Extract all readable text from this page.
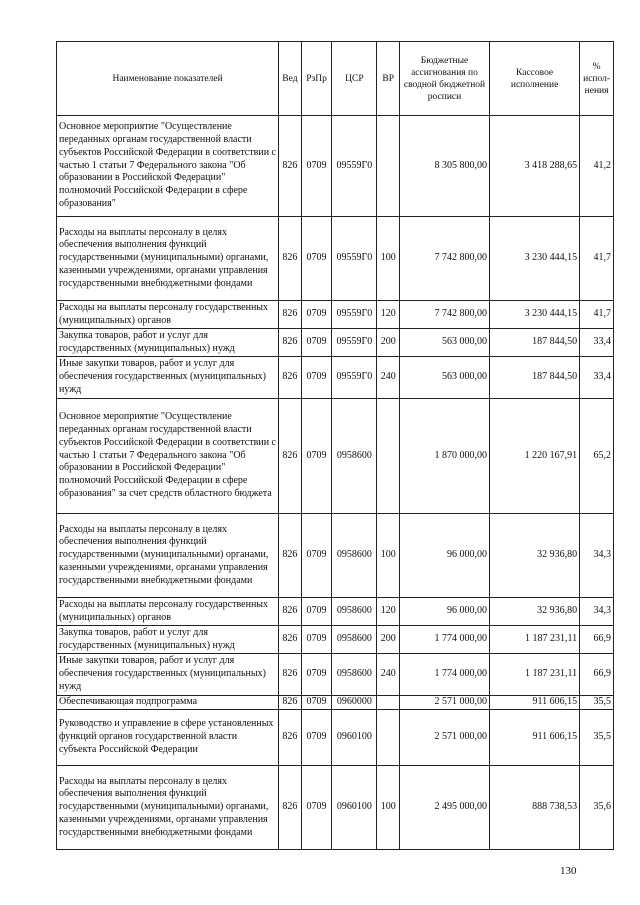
Наименование показателей	Вед	РзПр	ЦСР	ВР	Бюджетные ассигнования по сводной бюджетной росписи	Кассовое исполнение	% испол-нения
Основное мероприятие "Осуществление переданных органам государственной власти субъектов Российской Федерации в соответствии с частью 1 статьи 7 Федерального закона "Об образовании в Российской Федерации" полномочий Российской Федерации в сфере образования"	826	0709	09559Г0		8 305 800,00	3 418 288,65	41,2
Расходы на выплаты персоналу в целях обеспечения выполнения функций государственными (муниципальными) органами, казенными учреждениями, органами управления государственными внебюджетными фондами	826	0709	09559Г0	100	7 742 800,00	3 230 444,15	41,7
Расходы на выплаты персоналу государственных (муниципальных) органов	826	0709	09559Г0	120	7 742 800,00	3 230 444,15	41,7
Закупка товаров, работ и услуг для государственных (муниципальных) нужд	826	0709	09559Г0	200	563 000,00	187 844,50	33,4
Иные закупки товаров, работ и услуг для обеспечения государственных (муниципальных) нужд	826	0709	09559Г0	240	563 000,00	187 844,50	33,4
Основное мероприятие "Осуществление переданных органам государственной власти субъектов Российской Федерации в соответствии с частью 1 статьи 7 Федерального закона "Об образовании в Российской Федерации" полномочий Российской Федерации в сфере образования" за счет средств областного бюджета	826	0709	0958600		1 870 000,00	1 220 167,91	65,2
Расходы на выплаты персоналу в целях обеспечения выполнения функций государственными (муниципальными) органами, казенными учреждениями, органами управления государственными внебюджетными фондами	826	0709	0958600	100	96 000,00	32 936,80	34,3
Расходы на выплаты персоналу государственных (муниципальных) органов	826	0709	0958600	120	96 000,00	32 936,80	34,3
Закупка товаров, работ и услуг для государственных (муниципальных) нужд	826	0709	0958600	200	1 774 000,00	1 187 231,11	66,9
Иные закупки товаров, работ и услуг для обеспечения государственных (муниципальных) нужд	826	0709	0958600	240	1 774 000,00	1 187 231,11	66,9
Обеспечивающая подпрограмма	826	0709	0960000		2 571 000,00	911 606,15	35,5
Руководство и управление в сфере установленных функций органов государственной власти субъекта Российской Федерации	826	0709	0960100		2 571 000,00	911 606,15	35,5
Расходы на выплаты персоналу в целях обеспечения выполнения функций государственными (муниципальными) органами, казенными учреждениями, органами управления государственными внебюджетными фондами	826	0709	0960100	100	2 495 000,00	888 738,53	35,6
130
